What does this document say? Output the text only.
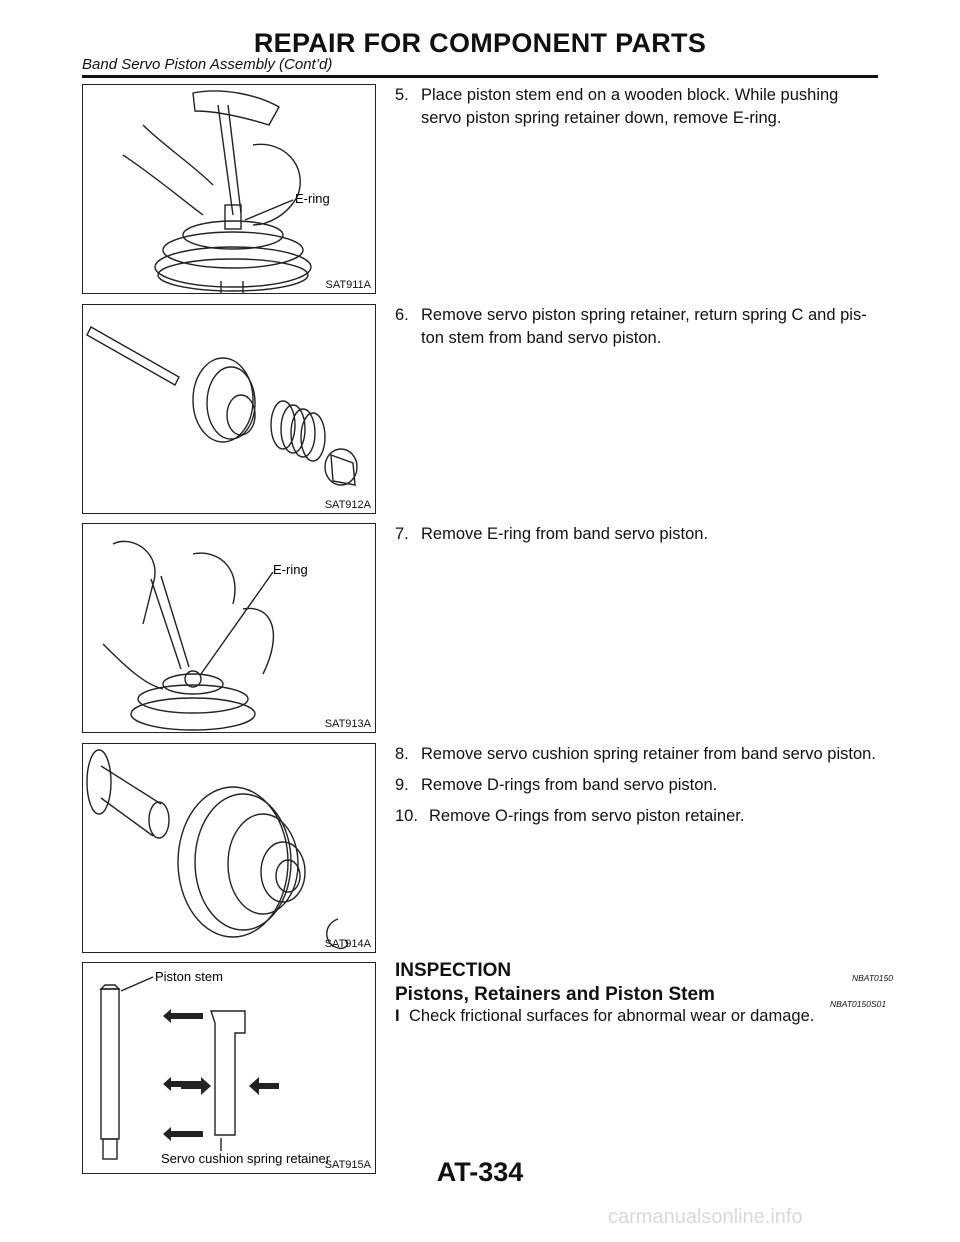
REPAIR FOR COMPONENT PARTS
Band Servo Piston Assembly (Cont’d)
E-ring
SAT911A
SAT912A
E-ring
SAT913A
SAT914A
Piston stem
Servo cushion spring retainer
SAT915A
5. Place piston stem end on a wooden block. While pushing
servo piston spring retainer down, remove E-ring.
6. Remove servo piston spring retainer, return spring C and pis-
ton stem from band servo piston.
7. Remove E-ring from band servo piston.
8. Remove servo cushion spring retainer from band servo piston.
9. Remove D-rings from band servo piston.
10. Remove O-rings from servo piston retainer.
INSPECTION	NBAT0150
Pistons, Retainers and Piston Stem	NBAT0150S01
I Check frictional surfaces for abnormal wear or damage.
AT-334
carmanualsonline.info
